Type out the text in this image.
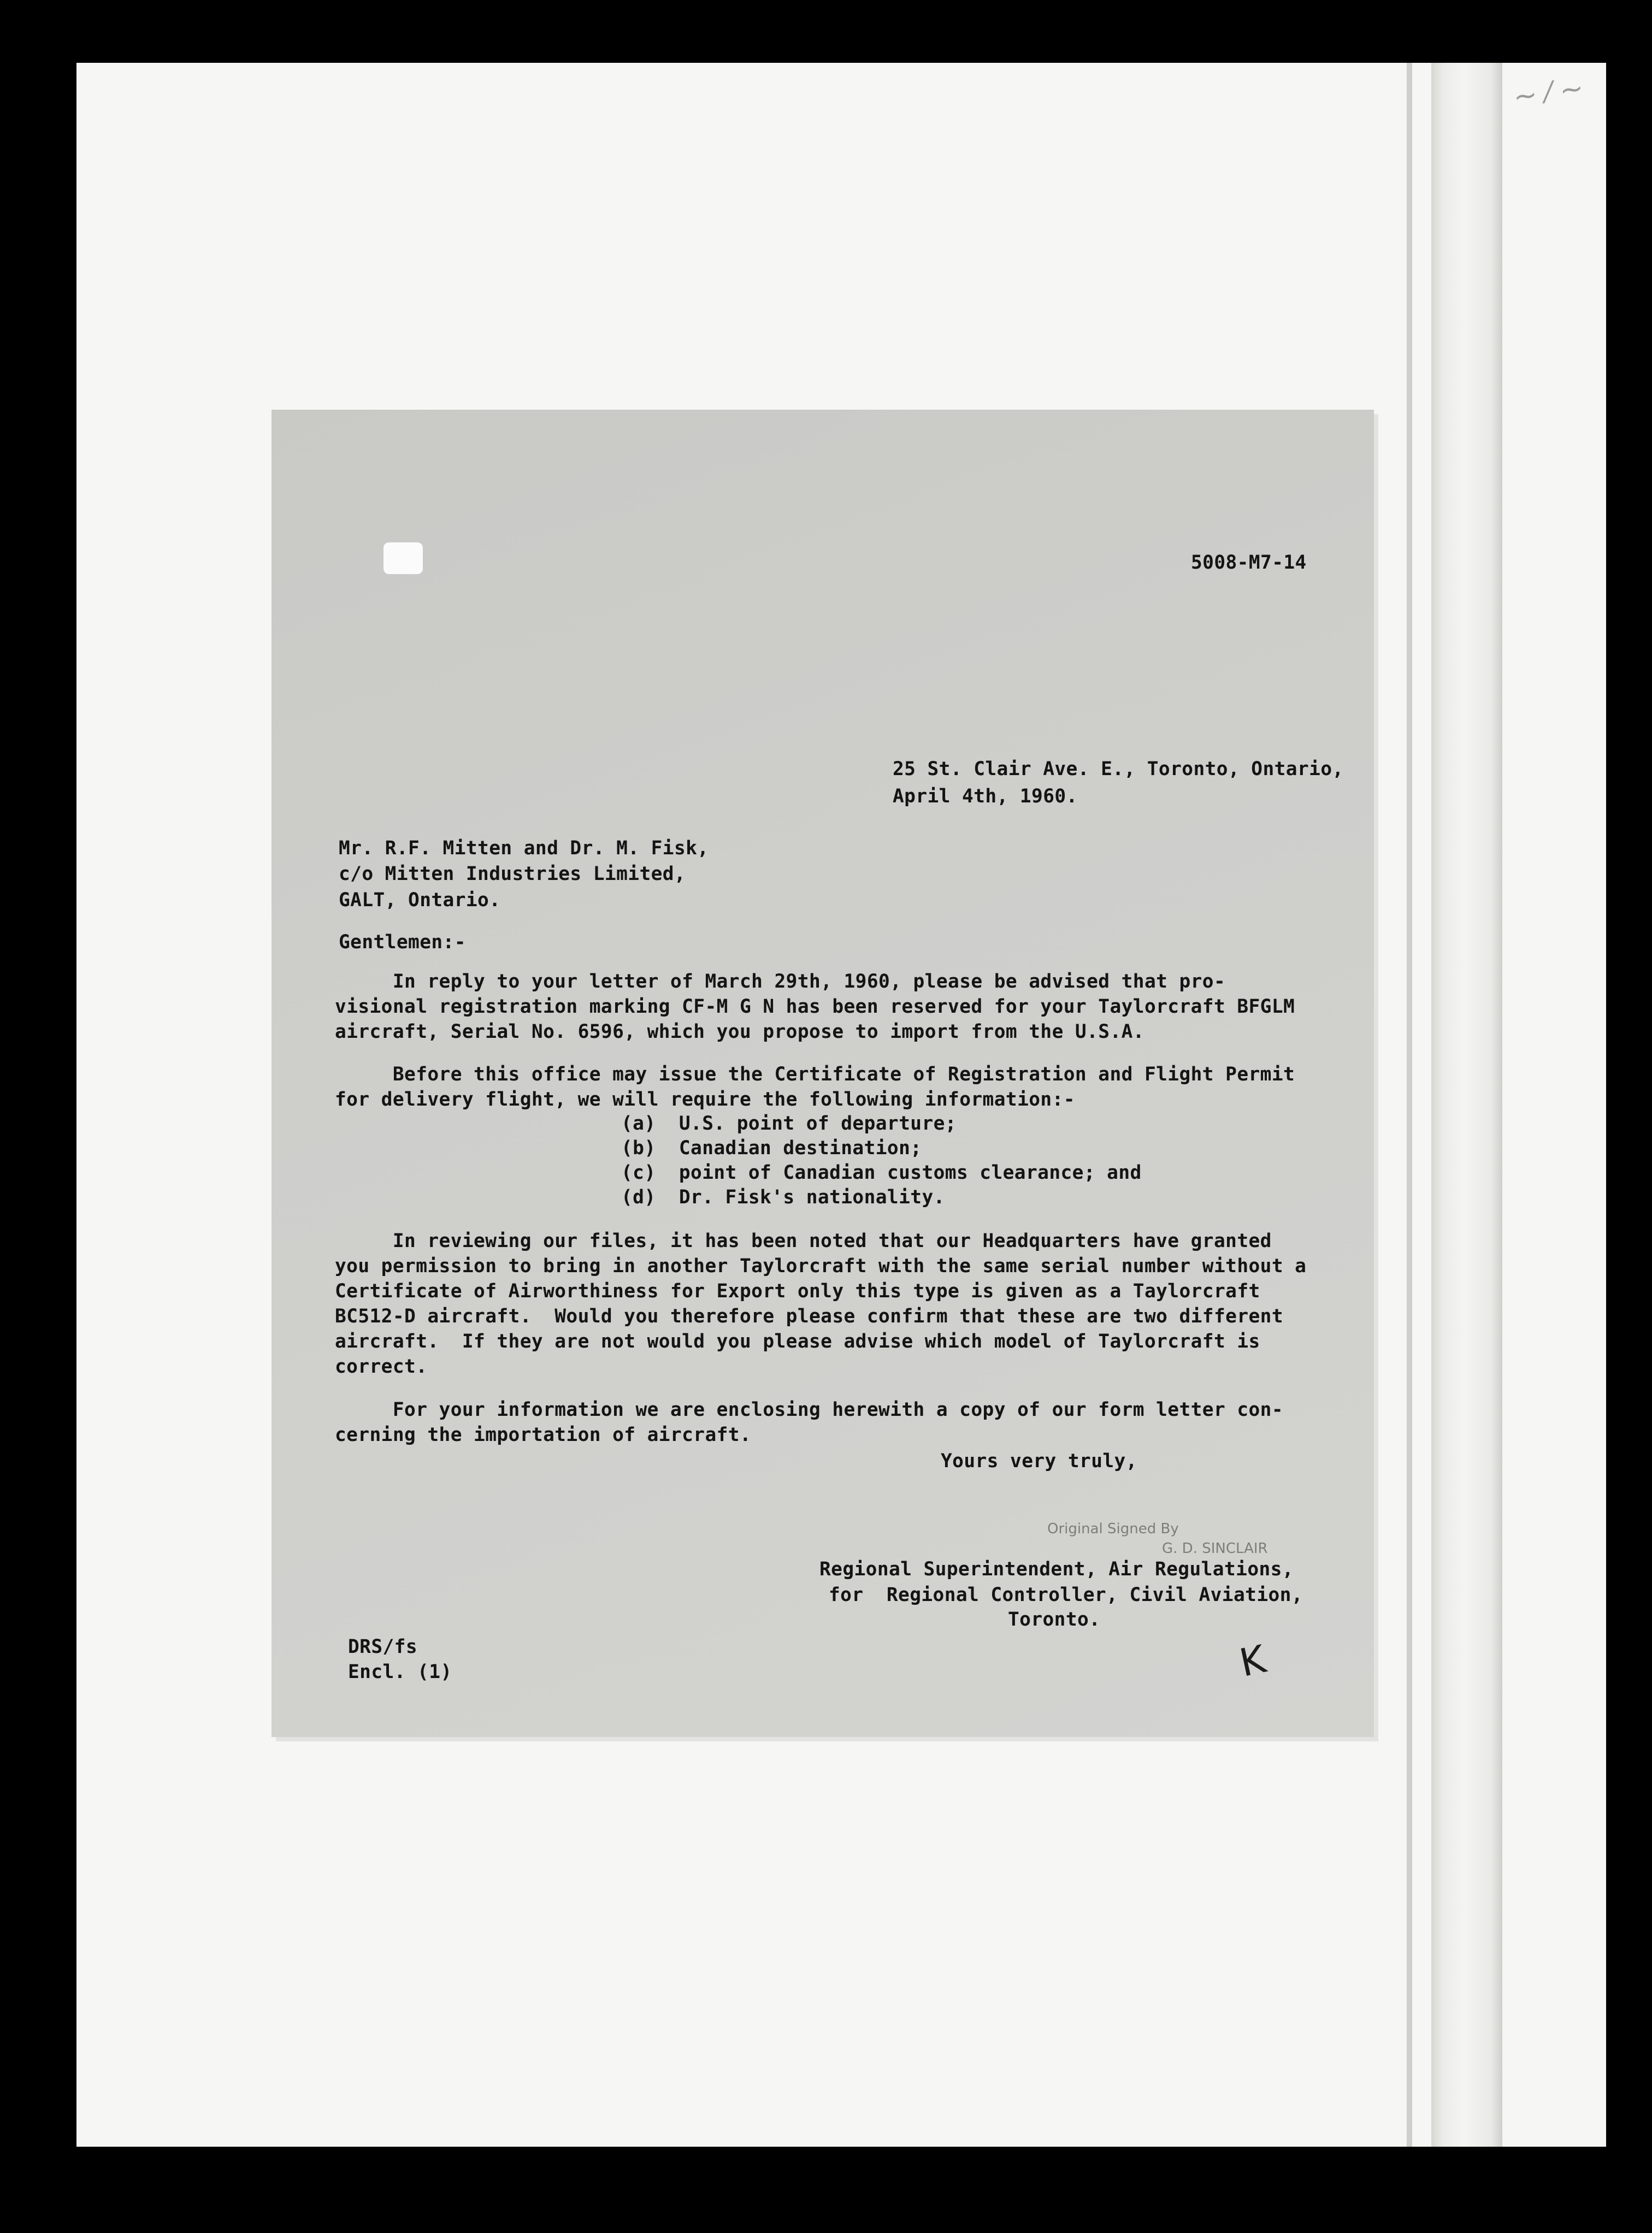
~ ⁄ ~

5008-M7-14

25 St. Clair Ave. E., Toronto, Ontario,

April 4th, 1960.

Mr. R.F. Mitten and Dr. M. Fisk,

c/o Mitten Industries Limited,

GALT, Ontario.

Gentlemen:-

In reply to your letter of March 29th, 1960, please be advised that pro-

visional registration marking CF-M G N has been reserved for your Taylorcraft BFGLM

aircraft, Serial No. 6596, which you propose to import from the U.S.A.

Before this office may issue the Certificate of Registration and Flight Permit

for delivery flight, we will require the following information:-

(a)  U.S. point of departure;

(b)  Canadian destination;

(c)  point of Canadian customs clearance; and

(d)  Dr. Fisk's nationality.

In reviewing our files, it has been noted that our Headquarters have granted

you permission to bring in another Taylorcraft with the same serial number without a

Certificate of Airworthiness for Export only this type is given as a Taylorcraft

BC512-D aircraft.  Would you therefore please confirm that these are two different

aircraft.  If they are not would you please advise which model of Taylorcraft is

correct.

For your information we are enclosing herewith a copy of our form letter con-

cerning the importation of aircraft.

Yours very truly,

Original Signed By

G. D. SINCLAIR

Regional Superintendent, Air Regulations,

for  Regional Controller, Civil Aviation,

Toronto.

DRS/fs

Encl. (1)	K
